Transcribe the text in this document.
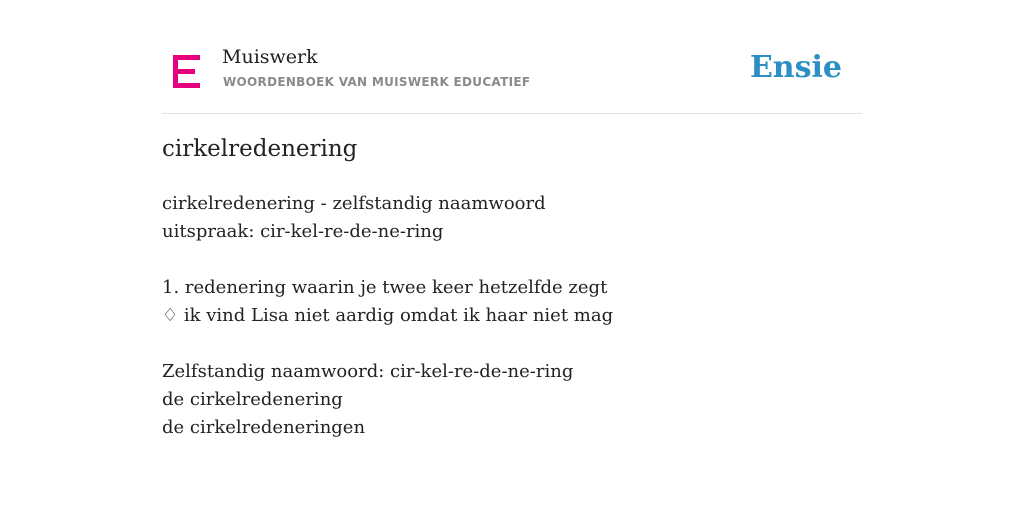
Muiswerk
WOORDENBOEK VAN MUISWERK EDUCATIEF	Ensie
cirkelredenering
cirkelredenering - zelfstandig naamwoord
uitspraak: cir-kel-re-de-ne-ring
1. redenering waarin je twee keer hetzelfde zegt
♢ ik vind Lisa niet aardig omdat ik haar niet mag
Zelfstandig naamwoord: cir-kel-re-de-ne-ring
de cirkelredenering
de cirkelredeneringen
